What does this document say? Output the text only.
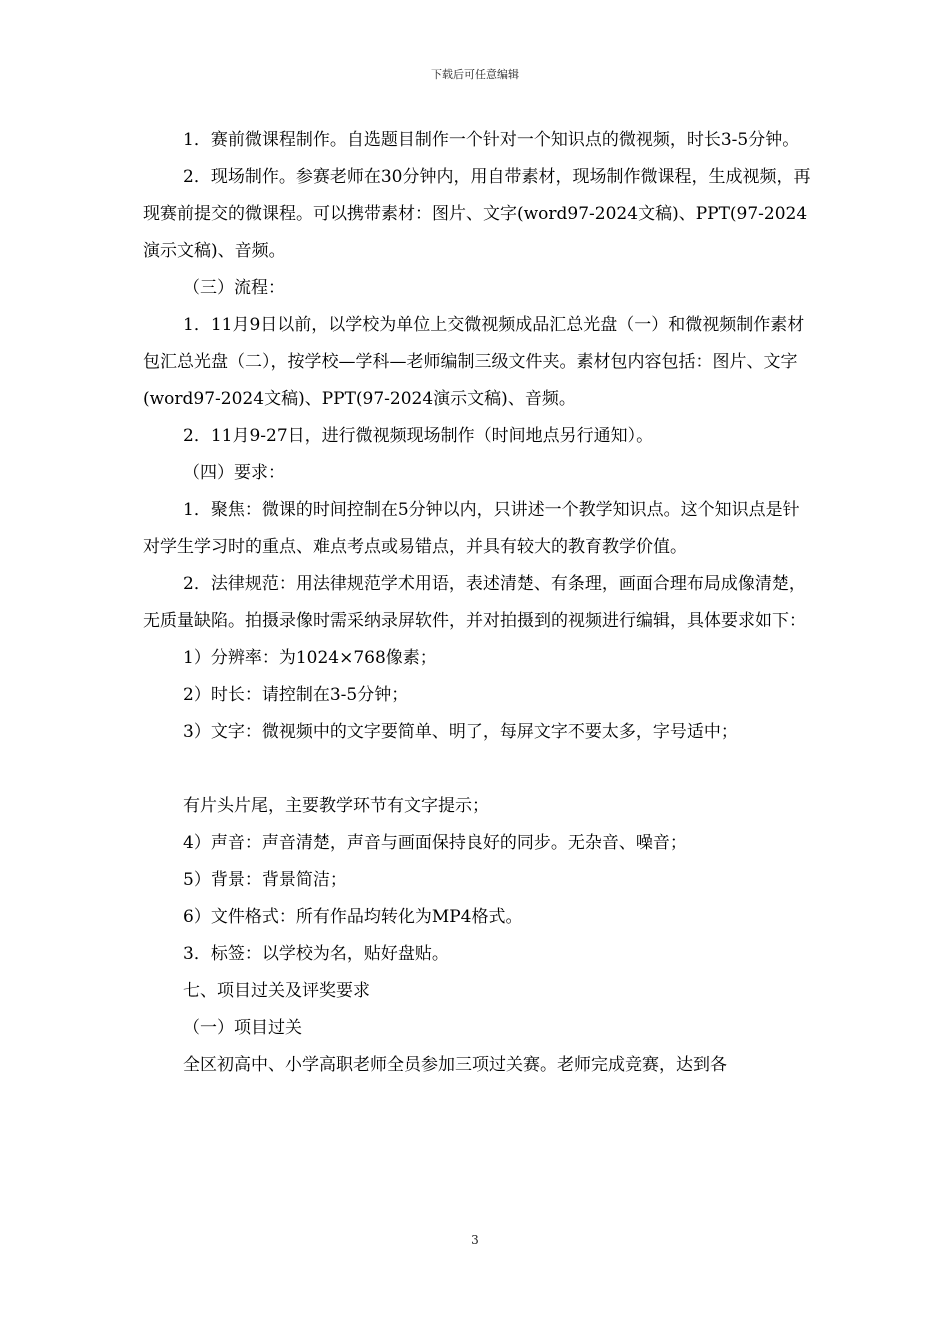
下载后可任意编辑

1．赛前微课程制作。自选题目制作一个针对一个知识点的微视频，时长3-5分钟。

2．现场制作。参赛老师在30分钟内，用自带素材，现场制作微课程，生成视频，再现赛前提交的微课程。可以携带素材：图片、文字(word97-2024文稿)、PPT(97-2024演示文稿)、音频。

（三）流程：

1．11月9日以前，以学校为单位上交微视频成品汇总光盘（一）和微视频制作素材包汇总光盘（二），按学校—学科—老师编制三级文件夹。素材包内容包括：图片、文字(word97-2024文稿)、PPT(97-2024演示文稿)、音频。

2．11月9-27日，进行微视频现场制作（时间地点另行通知）。

（四）要求：

1．聚焦：微课的时间控制在5分钟以内，只讲述一个教学知识点。这个知识点是针对学生学习时的重点、难点考点或易错点，并具有较大的教育教学价值。

2．法律规范：用法律规范学术用语，表述清楚、有条理，画面合理布局成像清楚，无质量缺陷。拍摄录像时需采纳录屏软件，并对拍摄到的视频进行编辑，具体要求如下：

1）分辨率：为1024×768像素；

2）时长：请控制在3-5分钟；

3）文字：微视频中的文字要简单、明了，每屏文字不要太多，字号适中；

有片头片尾，主要教学环节有文字提示；

4）声音：声音清楚，声音与画面保持良好的同步。无杂音、噪音；

5）背景：背景简洁；

6）文件格式：所有作品均转化为MP4格式。

3．标签：以学校为名，贴好盘贴。

七、项目过关及评奖要求

（一）项目过关

全区初高中、小学高职老师全员参加三项过关赛。老师完成竞赛，达到各

3
